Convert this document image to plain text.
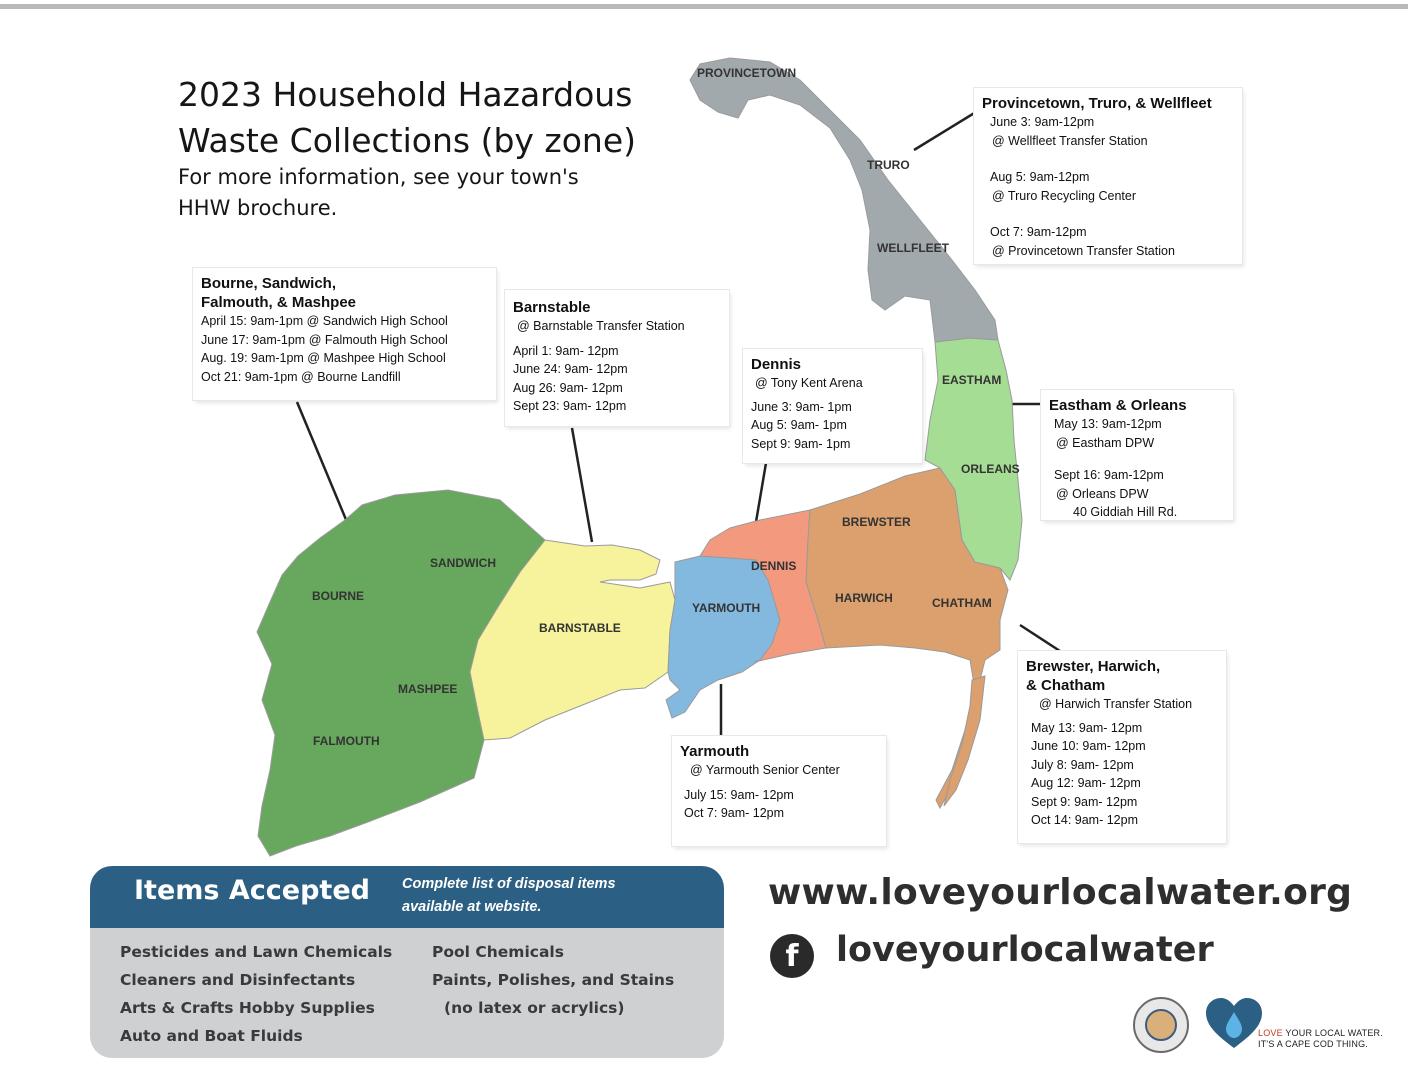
2023 Household Hazardous
Waste Collections (by zone)
For more information, see your town's
HHW brochure.
PROVINCETOWN
TRURO
WELLFLEET
EASTHAM
ORLEANS
BREWSTER
HARWICH	CHATHAM
DENNIS
YARMOUTH
BARNSTABLE
SANDWICH
BOURNE
MASHPEE
FALMOUTH
Bourne, Sandwich,
Falmouth, & Mashpee
April 15: 9am-1pm @ Sandwich High School
June 17: 9am-1pm @ Falmouth High School
Aug. 19: 9am-1pm @ Mashpee High School
Oct 21: 9am-1pm @ Bourne Landfill
Barnstable
@ Barnstable Transfer Station
April 1: 9am- 12pm
June 24: 9am- 12pm
Aug 26: 9am- 12pm
Sept 23: 9am- 12pm
Dennis
@ Tony Kent Arena
June 3: 9am- 1pm
Aug 5: 9am- 1pm
Sept 9: 9am- 1pm
Provincetown, Truro, & Wellfleet
June 3: 9am-12pm
@ Wellfleet Transfer Station
Aug 5: 9am-12pm
@ Truro Recycling Center
Oct 7: 9am-12pm
@ Provincetown Transfer Station
Eastham & Orleans
May 13: 9am-12pm
@ Eastham DPW
Sept 16: 9am-12pm
@ Orleans DPW
40 Giddiah Hill Rd.
Yarmouth
@ Yarmouth Senior Center
July 15: 9am- 12pm
Oct 7: 9am- 12pm
Brewster, Harwich,
& Chatham
@ Harwich Transfer Station
May 13: 9am- 12pm
June 10: 9am- 12pm
July 8: 9am- 12pm
Aug 12: 9am- 12pm
Sept 9: 9am- 12pm
Oct 14: 9am- 12pm
Items Accepted Complete list of disposal items
available at website.
Pesticides and Lawn Chemicals
Cleaners and Disinfectants
Arts & Crafts Hobby Supplies
Auto and Boat Fluids
Pool Chemicals
Paints, Polishes, and Stains
(no latex or acrylics)
www.loveyourlocalwater.org
f	loveyourlocalwater
LOVE YOUR LOCAL WATER.
IT'S A CAPE COD THING.
